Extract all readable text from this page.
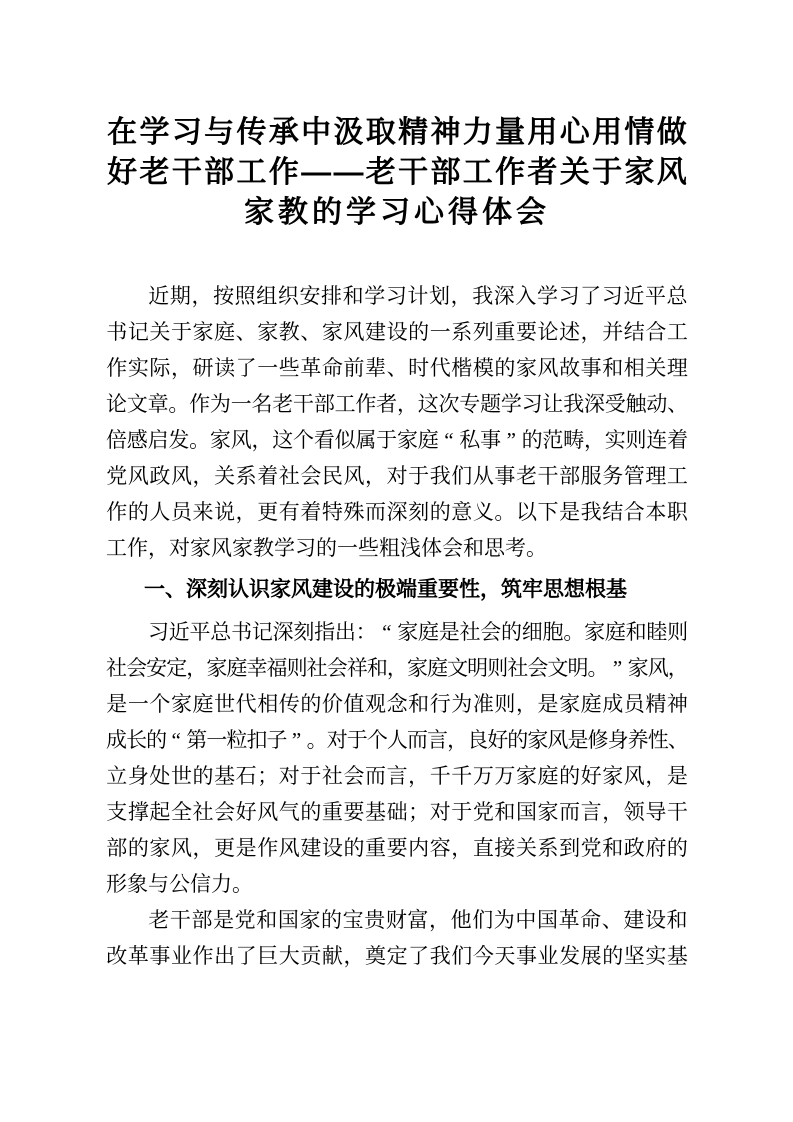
在 学 习 与 传 承 中 汲 取 精 神 力 量 用 心 用 情 做
好 老 干 部 工 作 — — 老 干 部 工 作 者 关 于 家 风
家教的学习心得体会
近 期 ， 按 照 组 织 安 排 和 学 习 计 划 ， 我 深 入 学 习 了 习 近 平 总
书 记 关 于 家 庭 、 家 教 、 家 风 建 设 的 一 系 列 重 要 论 述 ， 并 结 合 工
作 实 际 ， 研 读 了 一 些 革 命 前 辈 、 时 代 楷 模 的 家 风 故 事 和 相 关 理
论 文 章 。 作 为 一 名 老 干 部 工 作 者 ， 这 次 专 题 学 习 让 我 深 受 触 动 、
倍 感 启 发 。 家 风 ， 这 个 看 似 属 于 家 庭 “ 私 事 ” 的 范 畴 ， 实 则 连 着
党 风 政 风 ， 关 系 着 社 会 民 风 ， 对 于 我 们 从 事 老 干 部 服 务 管 理 工
作 的 人 员 来 说 ， 更 有 着 特 殊 而 深 刻 的 意 义 。 以 下 是 我 结 合 本 职
工作，对家风家教学习的一些粗浅体会和思考。
一、深刻认识家风建设的极端重要性，筑牢思想根基
习 近 平 总 书 记 深 刻 指 出 ： “ 家 庭 是 社 会 的 细 胞 。 家 庭 和 睦 则
社 会 安 定 ， 家 庭 幸 福 则 社 会 祥 和 ， 家 庭 文 明 则 社 会 文 明 。 ” 家 风 ，
是 一 个 家 庭 世 代 相 传 的 价 值 观 念 和 行 为 准 则 ， 是 家 庭 成 员 精 神
成 长 的 “ 第 一 粒 扣 子 ” 。 对 于 个 人 而 言 ， 良 好 的 家 风 是 修 身 养 性 、
立 身 处 世 的 基 石 ； 对 于 社 会 而 言 ， 千 千 万 万 家 庭 的 好 家 风 ， 是
支 撑 起 全 社 会 好 风 气 的 重 要 基 础 ； 对 于 党 和 国 家 而 言 ， 领 导 干
部 的 家 风 ， 更 是 作 风 建 设 的 重 要 内 容 ， 直 接 关 系 到 党 和 政 府 的
形象与公信力。
老 干 部 是 党 和 国 家 的 宝 贵 财 富 ， 他 们 为 中 国 革 命 、 建 设 和
改 革 事 业 作 出 了 巨 大 贡 献 ， 奠 定 了 我 们 今 天 事 业 发 展 的 坚 实 基
